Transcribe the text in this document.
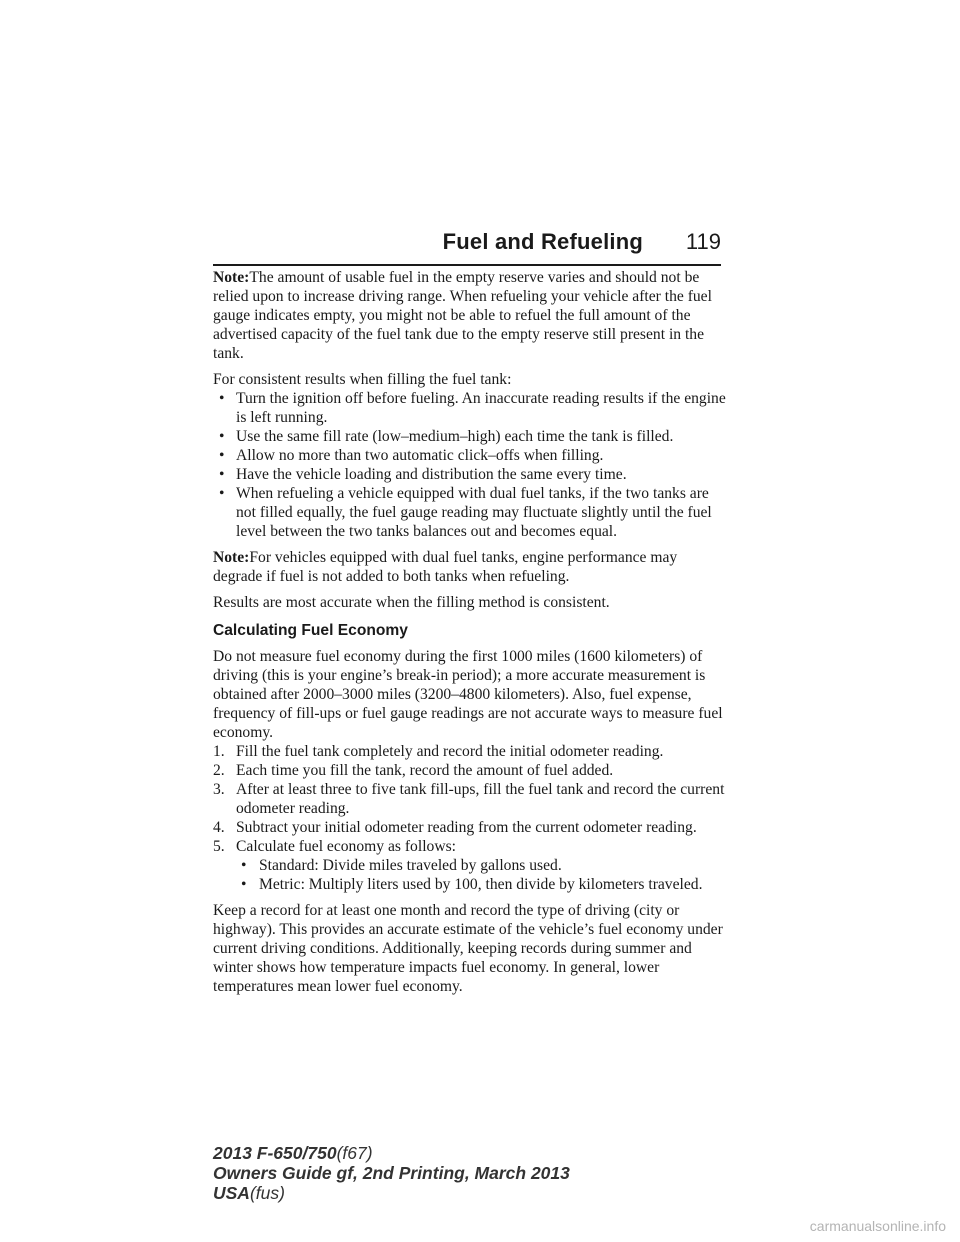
Fuel and Refueling 119

Note:The amount of usable fuel in the empty reserve varies and should not be relied upon to increase driving range. When refueling your vehicle after the fuel gauge indicates empty, you might not be able to refuel the full amount of the advertised capacity of the fuel tank due to the empty reserve still present in the tank.

For consistent results when filling the fuel tank:

• Turn the ignition off before fueling. An inaccurate reading results if the engine is left running.
• Use the same fill rate (low–medium–high) each time the tank is filled.
• Allow no more than two automatic click–offs when filling.
• Have the vehicle loading and distribution the same every time.
• When refueling a vehicle equipped with dual fuel tanks, if the two tanks are not filled equally, the fuel gauge reading may fluctuate slightly until the fuel level between the two tanks balances out and becomes equal.

Note:For vehicles equipped with dual fuel tanks, engine performance may degrade if fuel is not added to both tanks when refueling.

Results are most accurate when the filling method is consistent.

Calculating Fuel Economy

Do not measure fuel economy during the first 1000 miles (1600 kilometers) of driving (this is your engine’s break-in period); a more accurate measurement is obtained after 2000–3000 miles (3200–4800 kilometers). Also, fuel expense, frequency of fill-ups or fuel gauge readings are not accurate ways to measure fuel economy.

1. Fill the fuel tank completely and record the initial odometer reading.
2. Each time you fill the tank, record the amount of fuel added.
3. After at least three to five tank fill-ups, fill the fuel tank and record the current odometer reading.
4. Subtract your initial odometer reading from the current odometer reading.
5. Calculate fuel economy as follows:
• Standard: Divide miles traveled by gallons used.
• Metric: Multiply liters used by 100, then divide by kilometers traveled.

Keep a record for at least one month and record the type of driving (city or highway). This provides an accurate estimate of the vehicle’s fuel economy under current driving conditions. Additionally, keeping records during summer and winter shows how temperature impacts fuel economy. In general, lower temperatures mean lower fuel economy.

2013 F-650/750(f67)
Owners Guide gf, 2nd Printing, March 2013
USA(fus)
carmanualsonline.info
